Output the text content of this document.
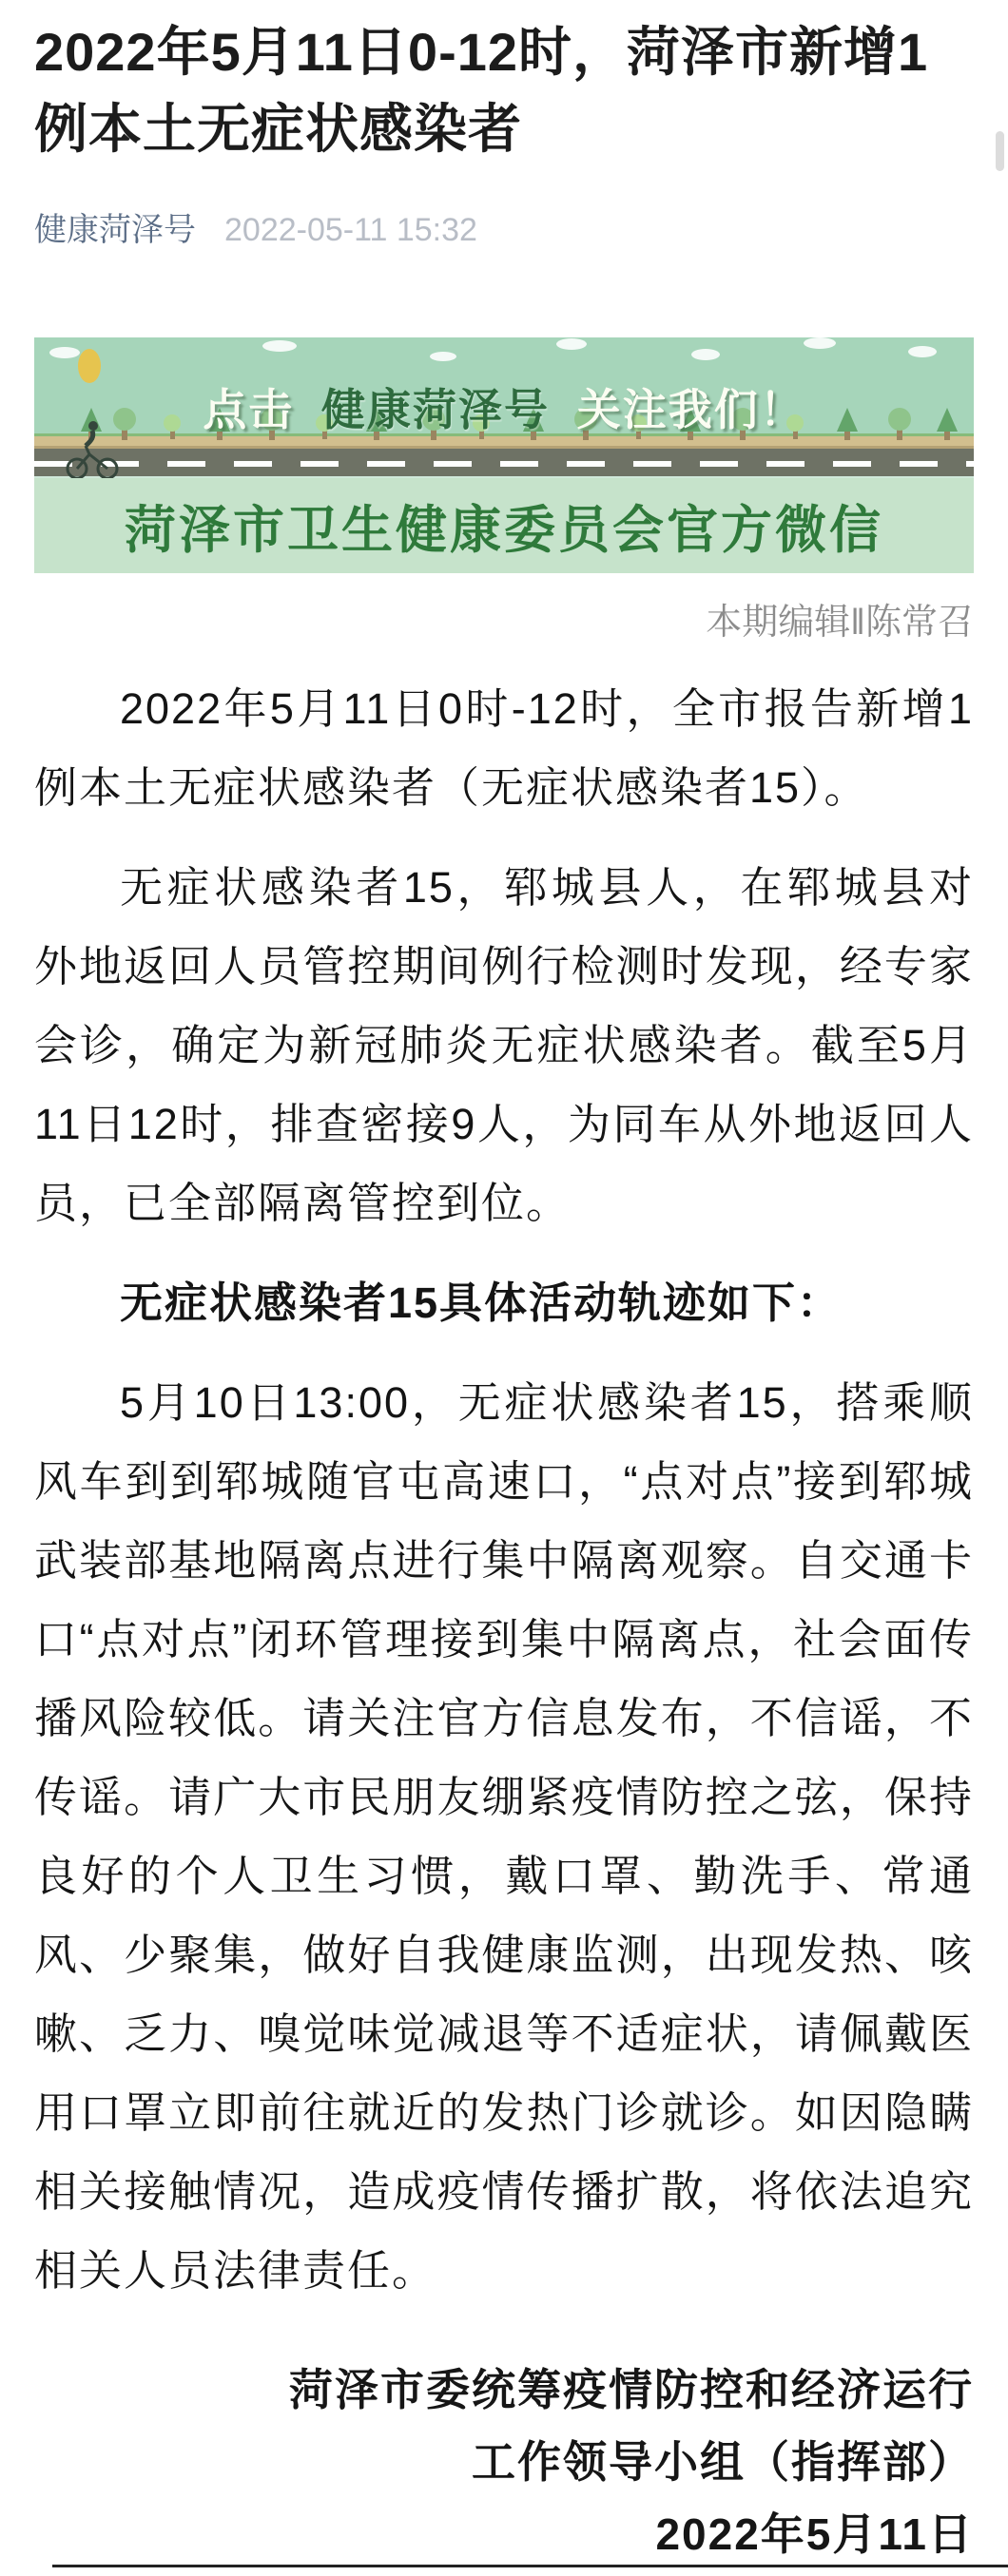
2022年5月11日0-12时，菏泽市新增1例本土无症状感染者
健康菏泽号 2022-05-11 15:32
点击 健康菏泽号 关注我们！
菏泽市卫生健康委员会官方微信
本期编辑‖陈常召

2022年5月11日0时-12时，全市报告新增1例本土无症状感染者（无症状感染者15）。

无症状感染者15，郓城县人，在郓城县对外地返回人员管控期间例行检测时发现，经专家会诊，确定为新冠肺炎无症状感染者。截至5月11日12时，排查密接9人，为同车从外地返回人员，已全部隔离管控到位。

无症状感染者15具体活动轨迹如下：

5月10日13:00，无症状感染者15，搭乘顺风车到到郓城随官屯高速口，“点对点”接到郓城武装部基地隔离点进行集中隔离观察。自交通卡口“点对点”闭环管理接到集中隔离点，社会面传播风险较低。请关注官方信息发布，不信谣，不传谣。请广大市民朋友绷紧疫情防控之弦，保持良好的个人卫生习惯，戴口罩、勤洗手、常通风、少聚集，做好自我健康监测，出现发热、咳嗽、乏力、嗅觉味觉减退等不适症状，请佩戴医用口罩立即前往就近的发热门诊就诊。如因隐瞒相关接触情况，造成疫情传播扩散，将依法追究相关人员法律责任。

菏泽市委统筹疫情防控和经济运行
工作领导小组（指挥部）
2022年5月11日
